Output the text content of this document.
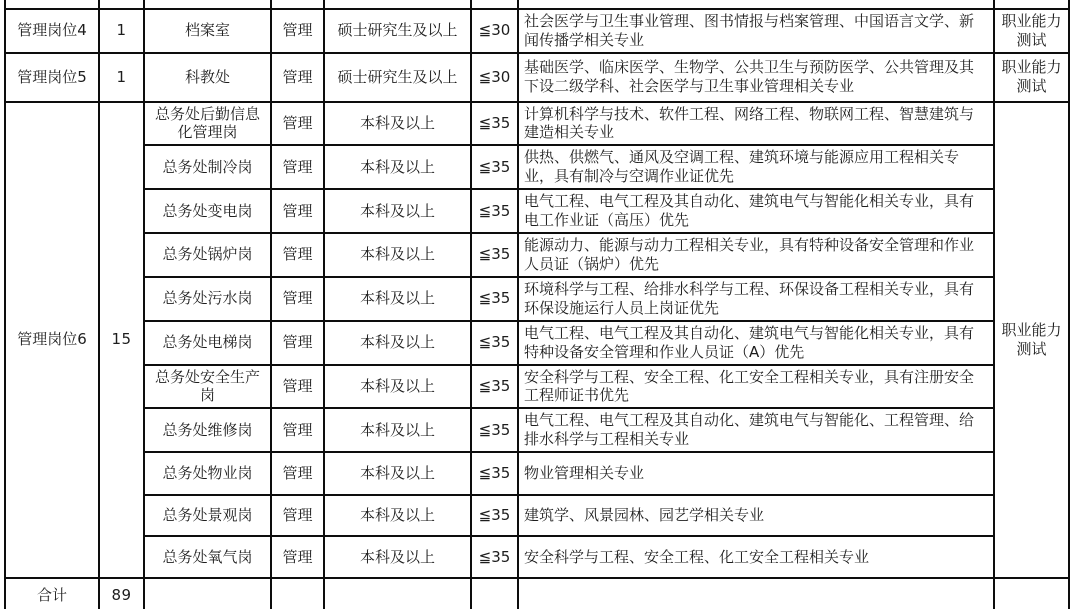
管理岗位4	1	档案室	管理	硕士研究生及以上	≦30	社会医学与卫生事业管理、图书情报与档案管理、中国语言文学、新闻传播学相关专业	职业能力测试
管理岗位5	1	科教处	管理	硕士研究生及以上	≦30	基础医学、临床医学、生物学、公共卫生与预防医学、公共管理及其下设二级学科、社会医学与卫生事业管理相关专业	职业能力测试
管理岗位6	15	总务处后勤信息化管理岗	管理	本科及以上	≦35	计算机科学与技术、软件工程、网络工程、物联网工程、智慧建筑与建造相关专业	职业能力测试
		总务处制冷岗	管理	本科及以上	≦35	供热、供燃气、通风及空调工程、建筑环境与能源应用工程相关专业，具有制冷与空调作业证优先	
		总务处变电岗	管理	本科及以上	≦35	电气工程、电气工程及其自动化、建筑电气与智能化相关专业，具有电工作业证（高压）优先	
		总务处锅炉岗	管理	本科及以上	≦35	能源动力、能源与动力工程相关专业，具有特种设备安全管理和作业人员证（锅炉）优先	
		总务处污水岗	管理	本科及以上	≦35	环境科学与工程、给排水科学与工程、环保设备工程相关专业，具有环保设施运行人员上岗证优先	
		总务处电梯岗	管理	本科及以上	≦35	电气工程、电气工程及其自动化、建筑电气与智能化相关专业，具有特种设备安全管理和作业人员证（A）优先	
		总务处安全生产岗	管理	本科及以上	≦35	安全科学与工程、安全工程、化工安全工程相关专业，具有注册安全工程师证书优先	
		总务处维修岗	管理	本科及以上	≦35	电气工程、电气工程及其自动化、建筑电气与智能化、工程管理、给排水科学与工程相关专业	
		总务处物业岗	管理	本科及以上	≦35	物业管理相关专业	
		总务处景观岗	管理	本科及以上	≦35	建筑学、风景园林、园艺学相关专业	
		总务处氧气岗	管理	本科及以上	≦35	安全科学与工程、安全工程、化工安全工程相关专业	
合计	89						
